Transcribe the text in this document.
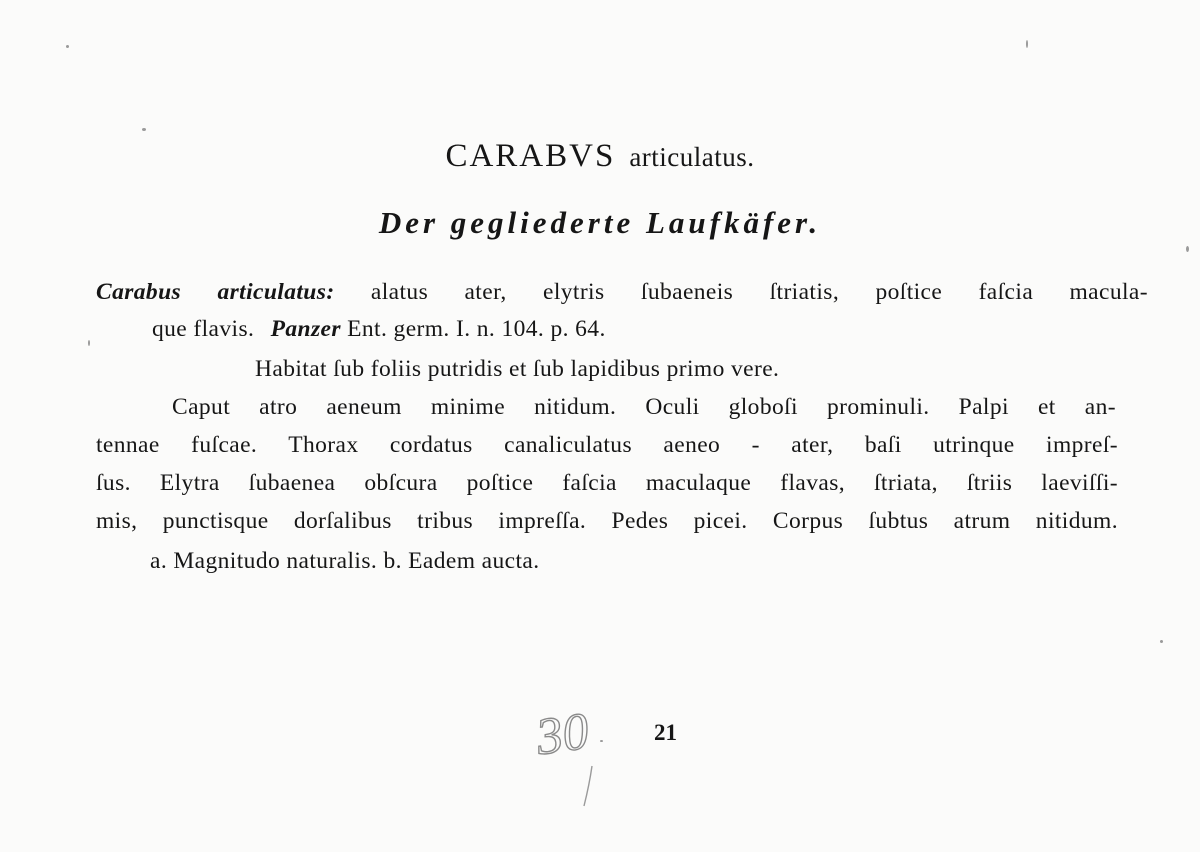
CARABVS articulatus.
Der gegliederte Laufkäfer.
Carabus articulatus: alatus ater, elytris ſubaeneis ſtriatis, poſtice faſcia macula-
que flavis. Panzer Ent. germ. I. n. 104. p. 64.
Habitat ſub foliis putridis et ſub lapidibus primo vere.
Caput atro aeneum minime nitidum. Oculi globoſi prominuli. Palpi et an-
tennae fuſcae. Thorax cordatus canaliculatus aeneo - ater, baſi utrinque impreſ-
ſus. Elytra ſubaenea obſcura poſtice faſcia maculaque flavas, ſtriata, ſtriis laeviſſi-
mis, punctisque dorſalibus tribus impreſſa. Pedes picei. Corpus ſubtus atrum nitidum.
a. Magnitudo naturalis. b. Eadem aucta.
30	21
